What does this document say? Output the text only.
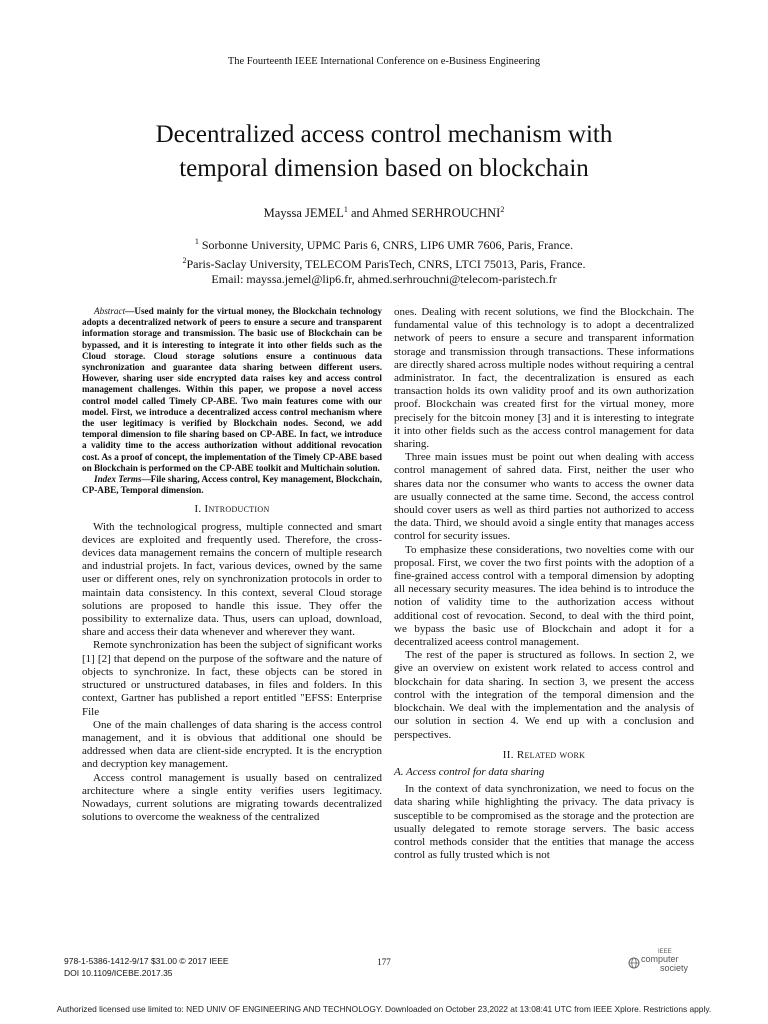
The Fourteenth IEEE International Conference on e-Business Engineering
Decentralized access control mechanism with
temporal dimension based on blockchain
Mayssa JEMEL$^1$ and Ahmed SERHROUCHNI$^2$
$^1$ Sorbonne University, UPMC Paris 6, CNRS, LIP6 UMR 7606, Paris, France.
$^2$Paris-Saclay University, TELECOM ParisTech, CNRS, LTCI 75013, Paris, France.
Email: mayssa.jemel@lip6.fr, ahmed.serhrouchni@telecom-paristech.fr

Abstract—Used mainly for the virtual money, the Blockchain technology adopts a decentralized network of peers to ensure a secure and transparent information storage and transmission. The basic use of Blockchain can be bypassed, and it is interesting to integrate it into other fields such as the Cloud storage. Cloud storage solutions ensure a continuous data synchronization and guarantee data sharing between different users. However, sharing user side encrypted data raises key and access control management challenges. Within this paper, we propose a novel access control model called Timely CP-ABE. Two main features come with our model. First, we introduce a decentralized access control mechanism where the user legitimacy is verified by Blockchain nodes. Second, we add temporal dimension to file sharing based on CP-ABE. In fact, we introduce a validity time to the access authorization without additional revocation cost. As a proof of concept, the implementation of the Timely CP-ABE based on Blockchain is performed on the CP-ABE toolkit and Multichain solution.

Index Terms—File sharing, Access control, Key management, Blockchain, CP-ABE, Temporal dimension.

I. Introduction

With the technological progress, multiple connected and smart devices are exploited and frequently used. Therefore, the cross-devices data management remains the concern of multiple research and industrial projets. In fact, various devices, owned by the same user or different ones, rely on synchronization protocols in order to maintain data consistency. In this context, several Cloud storage solutions are proposed to handle this issue. They offer the possibility to externalize data. Thus, users can upload, download, share and access their data whenever and wherever they want.

Remote synchronization has been the subject of significant works [1] [2] that depend on the purpose of the software and the nature of objects to synchronize. In fact, these objects can be stored in structured or unstructured databases, in files and folders. In this context, Gartner has published a report entitled "EFSS: Enterprise File

One of the main challenges of data sharing is the access control management, and it is obvious that additional one should be addressed when data are client-side encrypted. It is the encryption and decryption key management.

Access control management is usually based on centralized architecture where a single entity verifies users legitimacy. Nowadays, current solutions are migrating towards decentralized solutions to overcome the weakness of the centralized

ones. Dealing with recent solutions, we find the Blockchain. The fundamental value of this technology is to adopt a decentralized network of peers to ensure a secure and transparent information storage and transmission through transactions. These informations are directly shared across multiple nodes without requiring a central administrator. In fact, the decentralization is ensured as each transaction holds its own validity proof and its own authorization proof. Blockchain was created first for the virtual money, more precisely for the bitcoin money [3] and it is interesting to integrate it into other fields such as the access control management for data sharing.

Three main issues must be point out when dealing with access control management of sahred data. First, neither the user who shares data nor the consumer who wants to access the owner data are usually connected at the same time. Second, the access control should cover users as well as third parties not authorized to access the data. Third, we should avoid a single entity that manages access control for security issues.

To emphasize these considerations, two novelties come with our proposal. First, we cover the two first points with the adoption of a fine-grained access control with a temporal dimension by adopting all necessary security measures. The idea behind is to introduce the notion of validity time to the authorization access without additional cost of revocation. Second, to deal with the third point, we bypass the basic use of Blockchain and adopt it for a decentralized aceess control management.

The rest of the paper is structured as follows. In section 2, we give an overview on existent work related to access control and blockchain for data sharing. In section 3, we present the access control with the integration of the temporal dimension and the blockchain. We deal with the implementation and the analysis of our solution in section 4. We end up with a conclusion and perspectives.

II. Related work
A. Access control for data sharing

In the context of data synchronization, we need to focus on the data sharing while highlighting the privacy. The data privacy is susceptible to be compromised as the storage and the protection are usually delegated to remote storage servers. The basic access control methods consider that the entities that manage the access control as fully trusted which is not

978-1-5386-1412-9/17 $31.00 © 2017 IEEE
DOI 10.1109/ICEBE.2017.35
177
IEEE
computer
society
Authorized licensed use limited to: NED UNIV OF ENGINEERING AND TECHNOLOGY. Downloaded on October 23,2022 at 13:08:41 UTC from IEEE Xplore. Restrictions apply.
